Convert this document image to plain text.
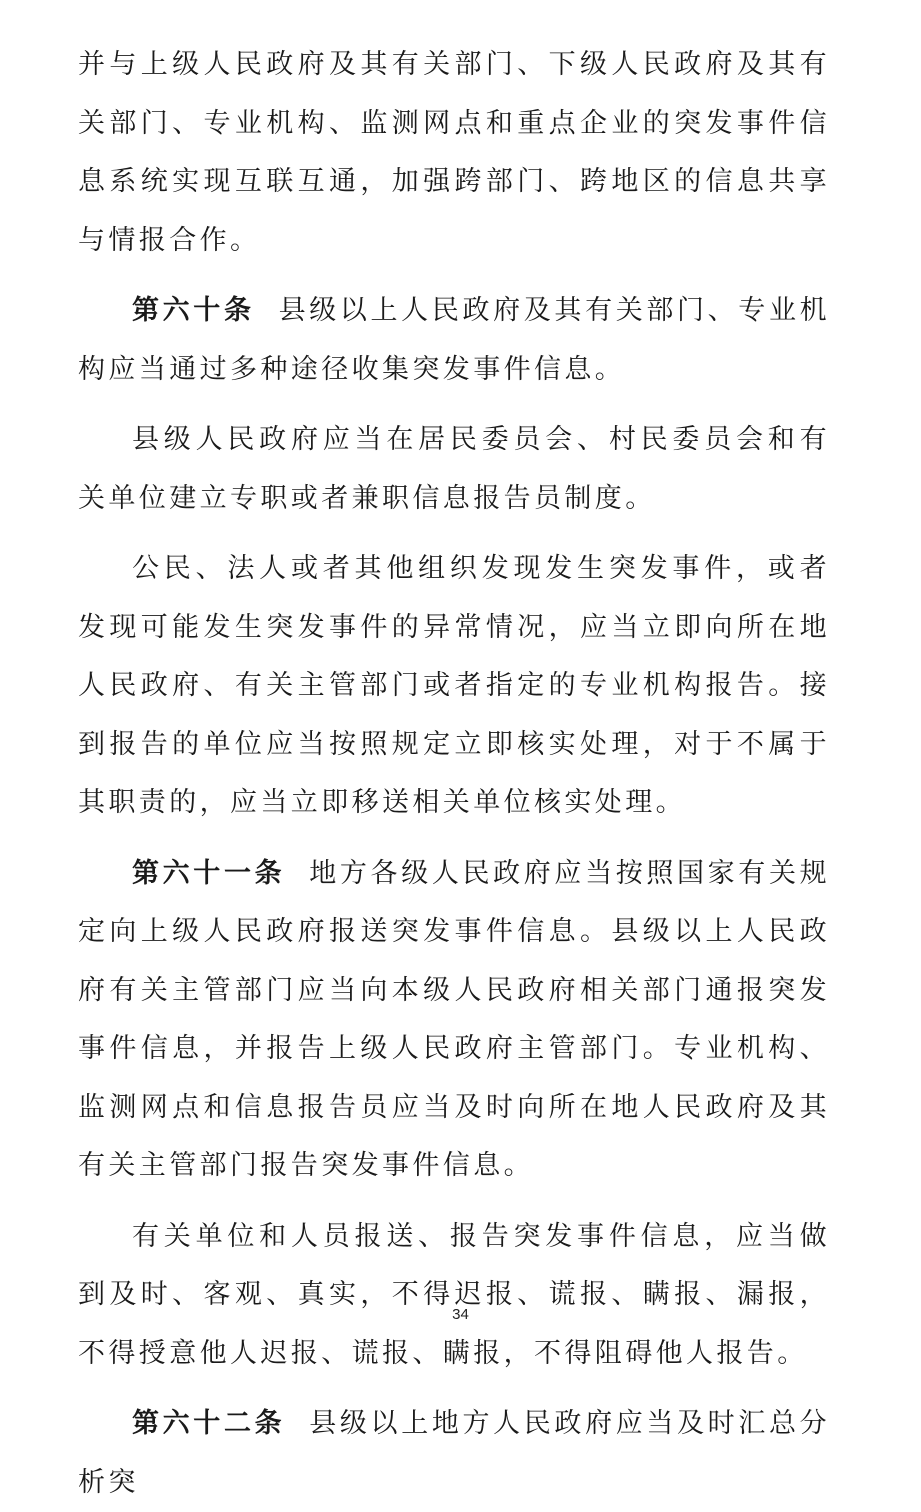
并与上级人民政府及其有关部门、下级人民政府及其有关部门、专业机构、监测网点和重点企业的突发事件信息系统实现互联互通，加强跨部门、跨地区的信息共享与情报合作。

第六十条 县级以上人民政府及其有关部门、专业机构应当通过多种途径收集突发事件信息。

县级人民政府应当在居民委员会、村民委员会和有关单位建立专职或者兼职信息报告员制度。

公民、法人或者其他组织发现发生突发事件，或者发现可能发生突发事件的异常情况，应当立即向所在地人民政府、有关主管部门或者指定的专业机构报告。接到报告的单位应当按照规定立即核实处理，对于不属于其职责的，应当立即移送相关单位核实处理。

第六十一条 地方各级人民政府应当按照国家有关规定向上级人民政府报送突发事件信息。县级以上人民政府有关主管部门应当向本级人民政府相关部门通报突发事件信息，并报告上级人民政府主管部门。专业机构、监测网点和信息报告员应当及时向所在地人民政府及其有关主管部门报告突发事件信息。

有关单位和人员报送、报告突发事件信息，应当做到及时、客观、真实，不得迟报、谎报、瞒报、漏报，不得授意他人迟报、谎报、瞒报，不得阻碍他人报告。

第六十二条 县级以上地方人民政府应当及时汇总分析突

34
